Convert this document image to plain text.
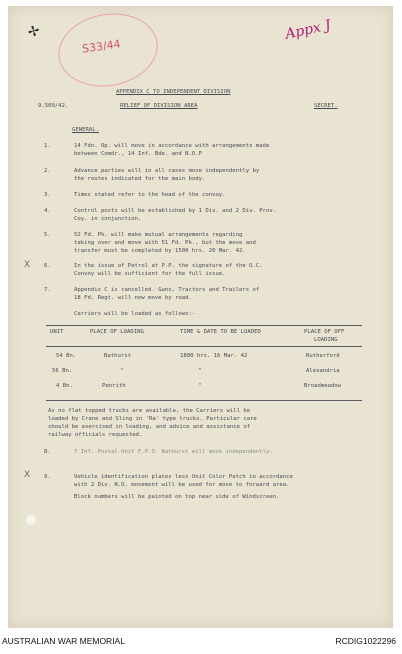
✢
S33/44
Appx J
APPENDIX C TO INDEPENDENT DIVISION
9.509/42.	RELIEF OF DIVISION AREA	SECRET.
GENERAL.
1.	14 Fdn. Op. will move in accordance with arrangements made
between Comdr., 14 Inf. Bde. and N.O.P
2.	Advance parties will in all cases move independently by
the routes indicated for the main body.
3.	Times stated refer to the head of the convoy.
4.	Control posts will be established by 1 Div. and 2 Div. Prov.
Coy. in conjunction.
5.	52 Fd. Pk. will make mutual arrangements regarding
taking over and move with 51 Fd. Pk., but the move and
transfer must be completed by 1500 hrs. 20 Mar. 42.
X 6.	In the issue of Petrol at P.P. the signature of the O.C.
Convoy will be sufficient for the full issue.
7.	Appendix C is cancelled. Guns, Tractors and Trailers of
18 Fd. Regt. will now move by road.
Carriers will be loaded as follows:-
UNIT	PLACE OF LOADING	TIME & DATE TO BE LOADED	PLACE OF OFF
LOADING
54 Bn.	Bathurst	1800 hrs. 16 Mar. 42	Rutherford
56 Bn.	"	"	Alexandria
4 Bn.	Penrith	"	Broadmeadow
As no flat topped trucks are available, the Carriers will be
loaded by Crane and Sling in 'Ra' type trucks. Particular care
should be exercised in loading, and advice and assistance of
railway officials requested.
8.	7 Inf. Postal Unit F.P.O. Bathurst will move independently.
X 9.	Vehicle identification plates less Unit Color Patch in accordance
with 2 Div. N.O. movement will be used for move to forward area.
Block numbers will be painted on top near side of Windscreen.
AUSTRALIAN WAR MEMORIAL	RCDIG1022296
